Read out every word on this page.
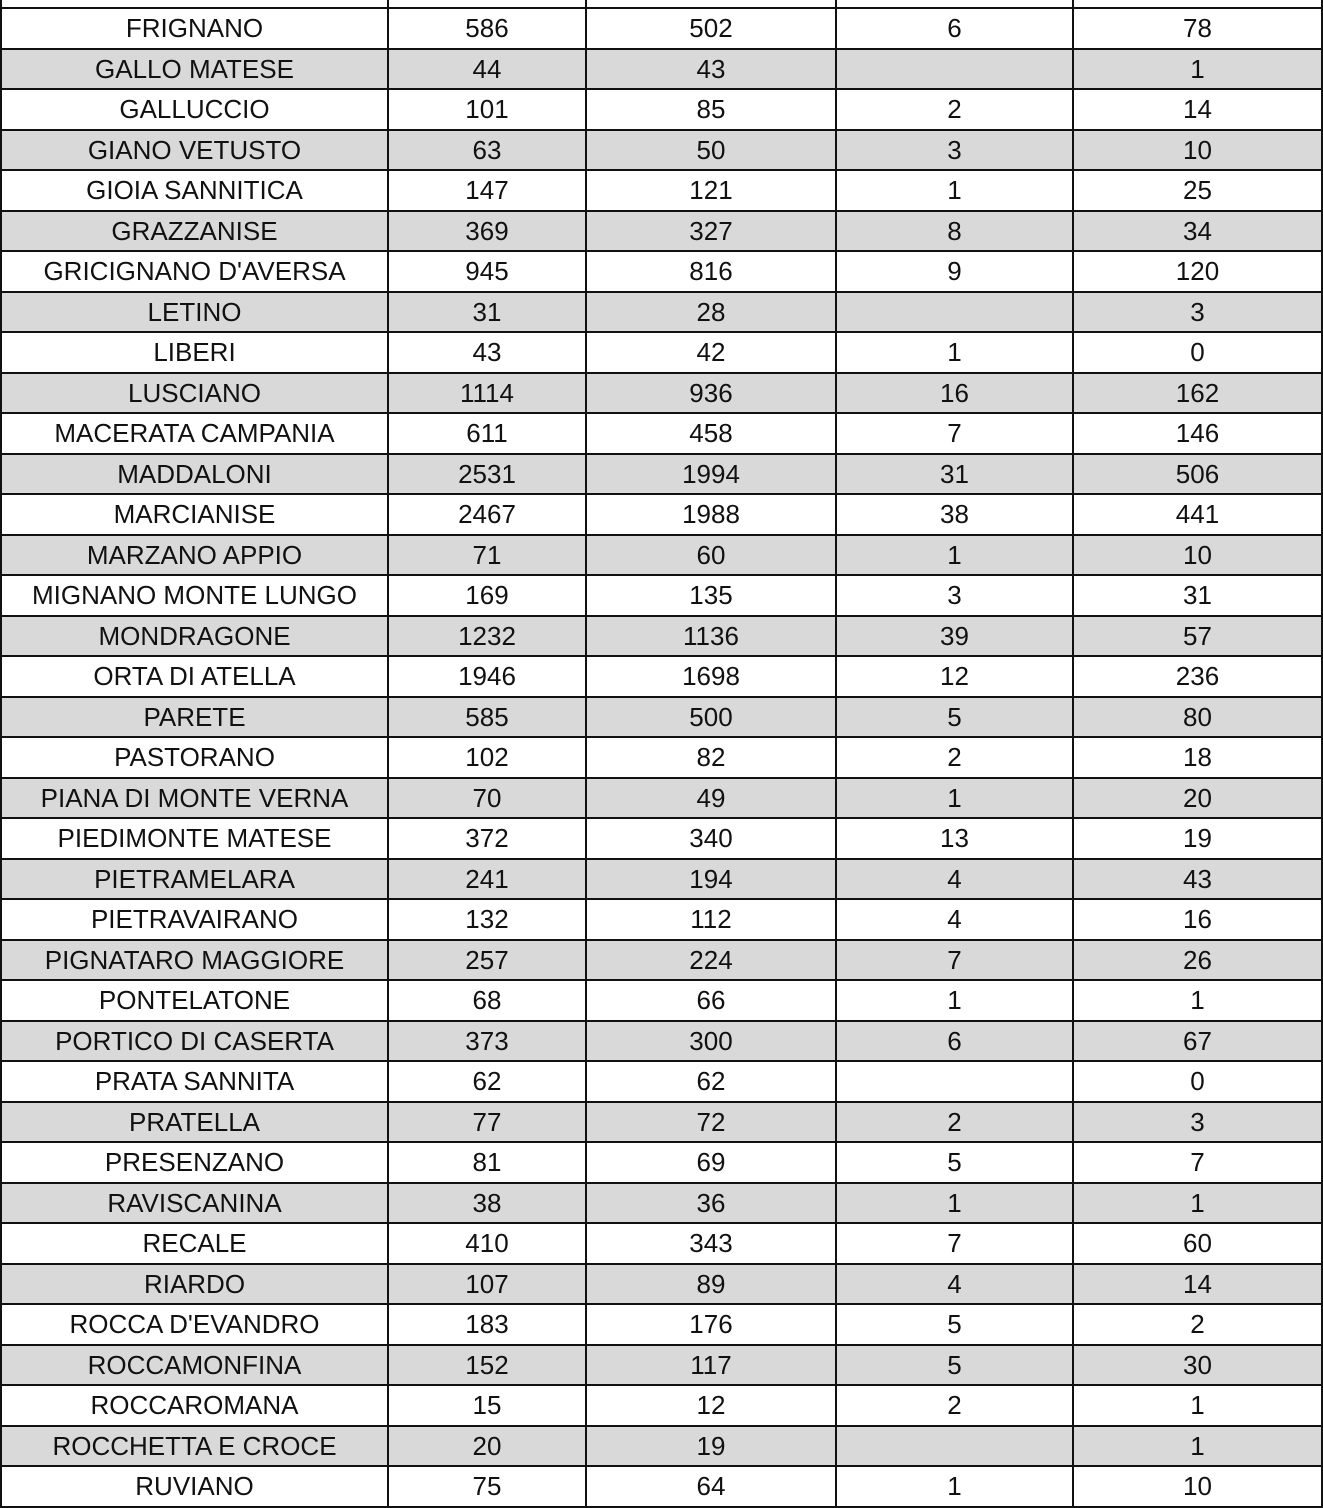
FRIGNANO	586	502	6	78
GALLO MATESE	44	43		1
GALLUCCIO	101	85	2	14
GIANO VETUSTO	63	50	3	10
GIOIA SANNITICA	147	121	1	25
GRAZZANISE	369	327	8	34
GRICIGNANO D'AVERSA	945	816	9	120
LETINO	31	28		3
LIBERI	43	42	1	0
LUSCIANO	1114	936	16	162
MACERATA CAMPANIA	611	458	7	146
MADDALONI	2531	1994	31	506
MARCIANISE	2467	1988	38	441
MARZANO APPIO	71	60	1	10
MIGNANO MONTE LUNGO	169	135	3	31
MONDRAGONE	1232	1136	39	57
ORTA DI ATELLA	1946	1698	12	236
PARETE	585	500	5	80
PASTORANO	102	82	2	18
PIANA DI MONTE VERNA	70	49	1	20
PIEDIMONTE MATESE	372	340	13	19
PIETRAMELARA	241	194	4	43
PIETRAVAIRANO	132	112	4	16
PIGNATARO MAGGIORE	257	224	7	26
PONTELATONE	68	66	1	1
PORTICO DI CASERTA	373	300	6	67
PRATA SANNITA	62	62		0
PRATELLA	77	72	2	3
PRESENZANO	81	69	5	7
RAVISCANINA	38	36	1	1
RECALE	410	343	7	60
RIARDO	107	89	4	14
ROCCA D'EVANDRO	183	176	5	2
ROCCAMONFINA	152	117	5	30
ROCCAROMANA	15	12	2	1
ROCCHETTA E CROCE	20	19		1
RUVIANO	75	64	1	10
